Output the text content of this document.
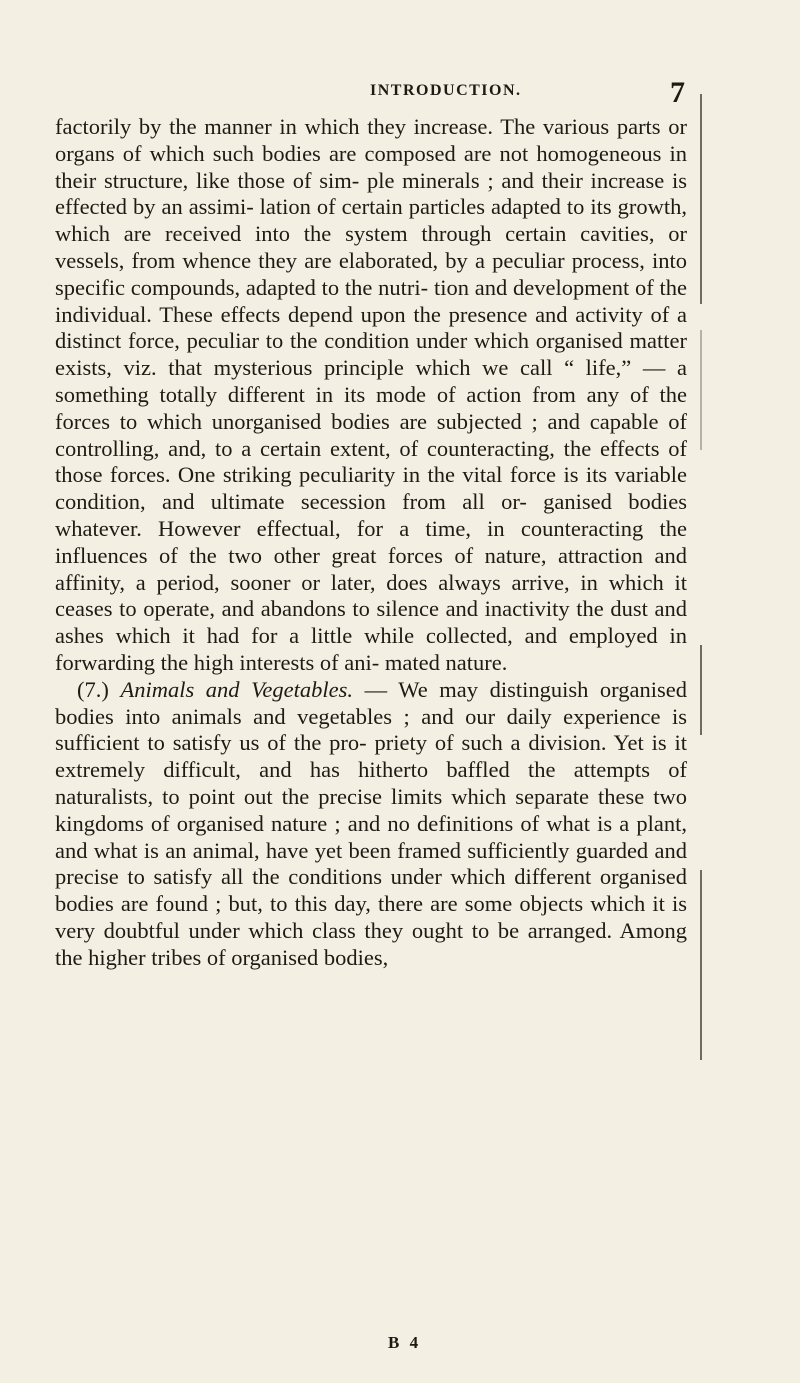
INTRODUCTION.	7

factorily by the manner in which they increase. The various parts or organs of which such bodies are composed are not homogeneous in their structure, like those of sim- ple minerals ; and their increase is effected by an assimi- lation of certain particles adapted to its growth, which are received into the system through certain cavities, or vessels, from whence they are elaborated, by a peculiar process, into specific compounds, adapted to the nutri- tion and development of the individual. These effects depend upon the presence and activity of a distinct force, peculiar to the condition under which organised matter exists, viz. that mysterious principle which we call “ life,” — a something totally different in its mode of action from any of the forces to which unorganised bodies are subjected ; and capable of controlling, and, to a certain extent, of counteracting, the effects of those forces. One striking peculiarity in the vital force is its variable condition, and ultimate secession from all or- ganised bodies whatever. However effectual, for a time, in counteracting the influences of the two other great forces of nature, attraction and affinity, a period, sooner or later, does always arrive, in which it ceases to operate, and abandons to silence and inactivity the dust and ashes which it had for a little while collected, and employed in forwarding the high interests of ani- mated nature.

(7.) Animals and Vegetables. — We may distinguish organised bodies into animals and vegetables ; and our daily experience is sufficient to satisfy us of the pro- priety of such a division. Yet is it extremely difficult, and has hitherto baffled the attempts of naturalists, to point out the precise limits which separate these two kingdoms of organised nature ; and no definitions of what is a plant, and what is an animal, have yet been framed sufficiently guarded and precise to satisfy all the conditions under which different organised bodies are found ; but, to this day, there are some objects which it is very doubtful under which class they ought to be arranged. Among the higher tribes of organised bodies,

B 4
